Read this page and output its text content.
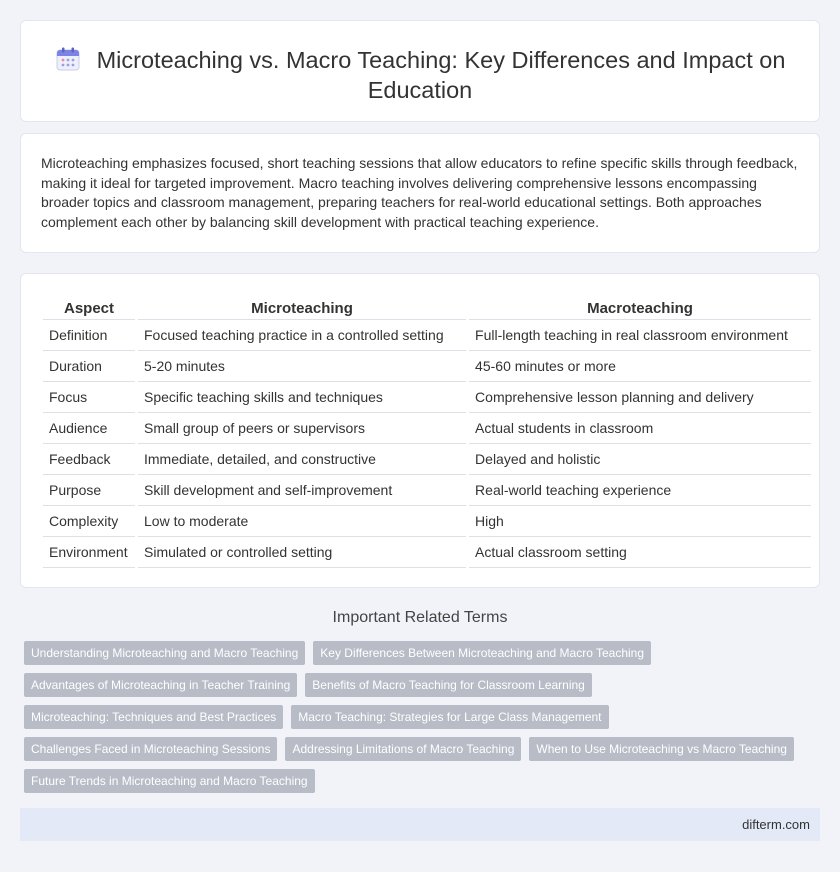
Microteaching vs. Macro Teaching: Key Differences and Impact on Education

Microteaching emphasizes focused, short teaching sessions that allow educators to refine specific skills through feedback, making it ideal for targeted improvement. Macro teaching involves delivering comprehensive lessons encompassing broader topics and classroom management, preparing teachers for real-world educational settings. Both approaches complement each other by balancing skill development with practical teaching experience.

Aspect		Microteaching		Macroteaching
Definition		Focused teaching practice in a controlled setting		Full-length teaching in real classroom environment
Duration		5-20 minutes		45-60 minutes or more
Focus		Specific teaching skills and techniques		Comprehensive lesson planning and delivery
Audience		Small group of peers or supervisors		Actual students in classroom
Feedback		Immediate, detailed, and constructive		Delayed and holistic
Purpose		Skill development and self-improvement		Real-world teaching experience
Complexity		Low to moderate		High
Environment		Simulated or controlled setting		Actual classroom setting
Important Related Terms
Understanding Microteaching and Macro Teaching	Key Differences Between Microteaching and Macro Teaching
Advantages of Microteaching in Teacher Training	Benefits of Macro Teaching for Classroom Learning
Microteaching: Techniques and Best Practices	Macro Teaching: Strategies for Large Class Management
Challenges Faced in Microteaching Sessions	Addressing Limitations of Macro Teaching	When to Use Microteaching vs Macro Teaching
Future Trends in Microteaching and Macro Teaching
difterm.com
